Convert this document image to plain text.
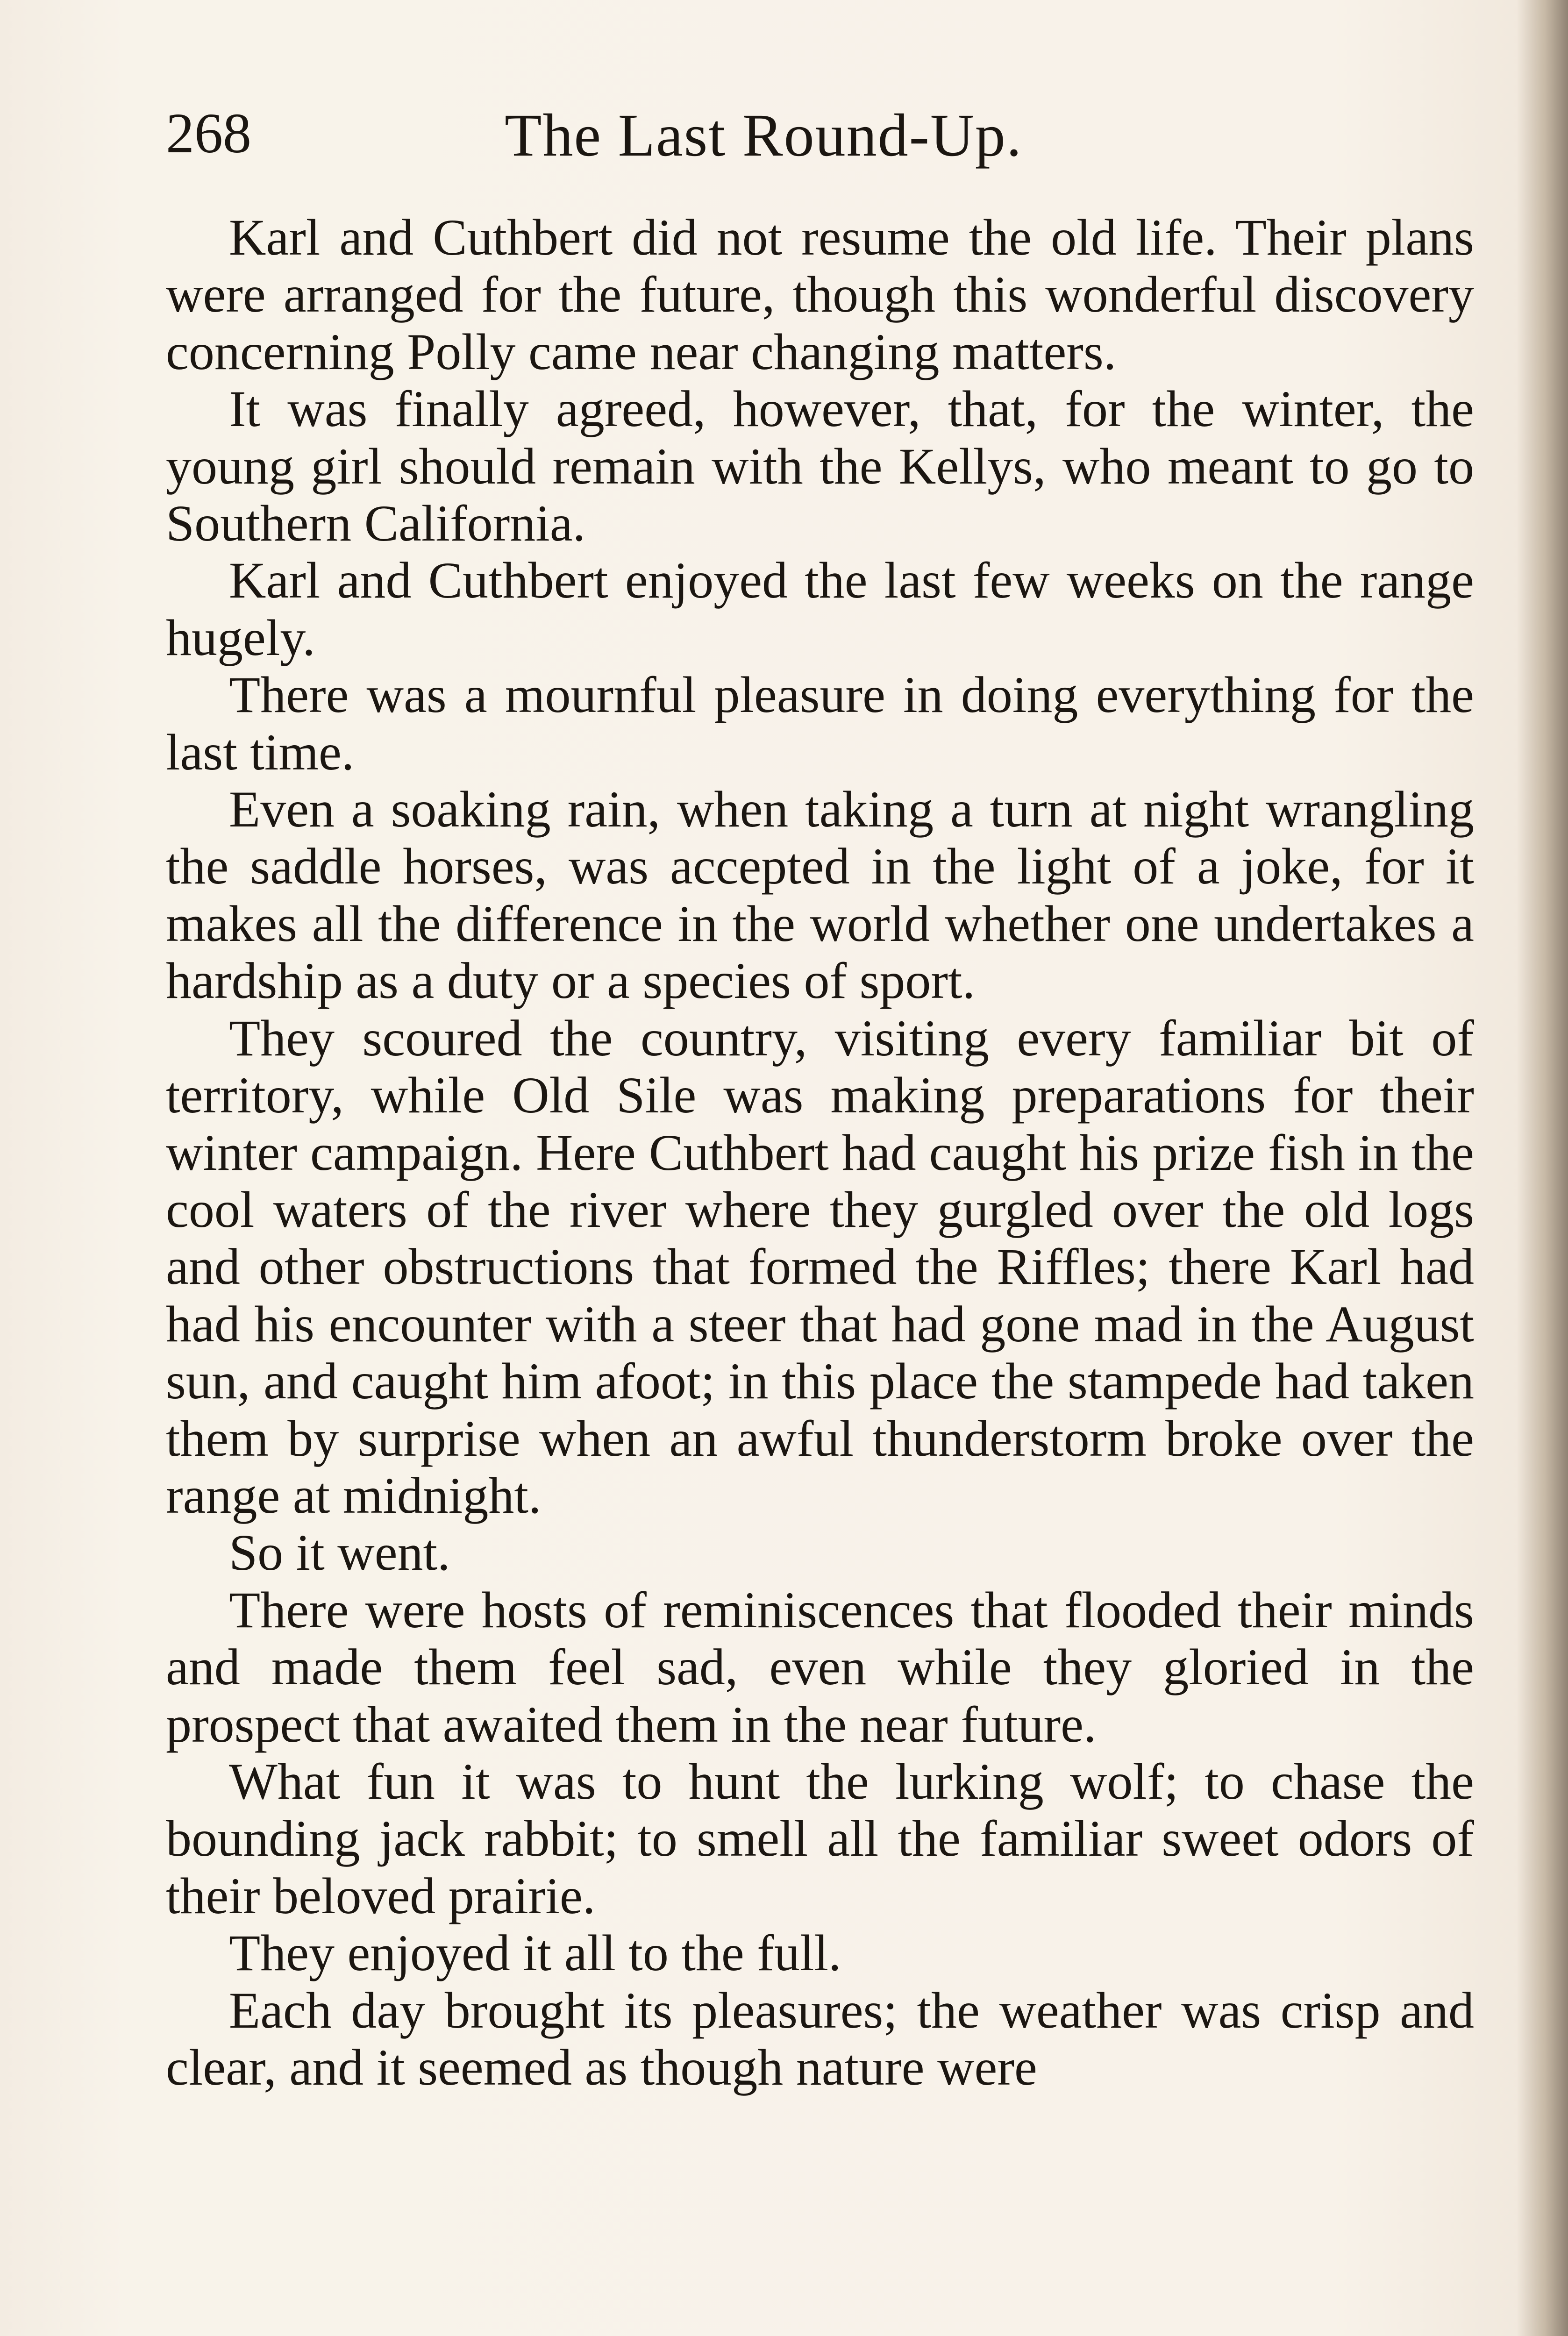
268	The Last Round-Up.

Karl and Cuthbert did not resume the old life. Their plans were arranged for the future, though this wonderful discovery concerning Polly came near changing matters.

It was finally agreed, however, that, for the winter, the young girl should remain with the Kellys, who meant to go to Southern California.

Karl and Cuthbert enjoyed the last few weeks on the range hugely.

There was a mournful pleasure in doing everything for the last time.

Even a soaking rain, when taking a turn at night wrangling the saddle horses, was accepted in the light of a joke, for it makes all the difference in the world whether one undertakes a hardship as a duty or a species of sport.

They scoured the country, visiting every familiar bit of territory, while Old Sile was making preparations for their winter campaign. Here Cuthbert had caught his prize fish in the cool waters of the river where they gurgled over the old logs and other obstructions that formed the Riffles; there Karl had had his encounter with a steer that had gone mad in the August sun, and caught him afoot; in this place the stampede had taken them by surprise when an awful thunderstorm broke over the range at midnight.

So it went.

There were hosts of reminiscences that flooded their minds and made them feel sad, even while they gloried in the prospect that awaited them in the near future.

What fun it was to hunt the lurking wolf; to chase the bounding jack rabbit; to smell all the familiar sweet odors of their beloved prairie.

They enjoyed it all to the full.

Each day brought its pleasures; the weather was crisp and clear, and it seemed as though nature were
